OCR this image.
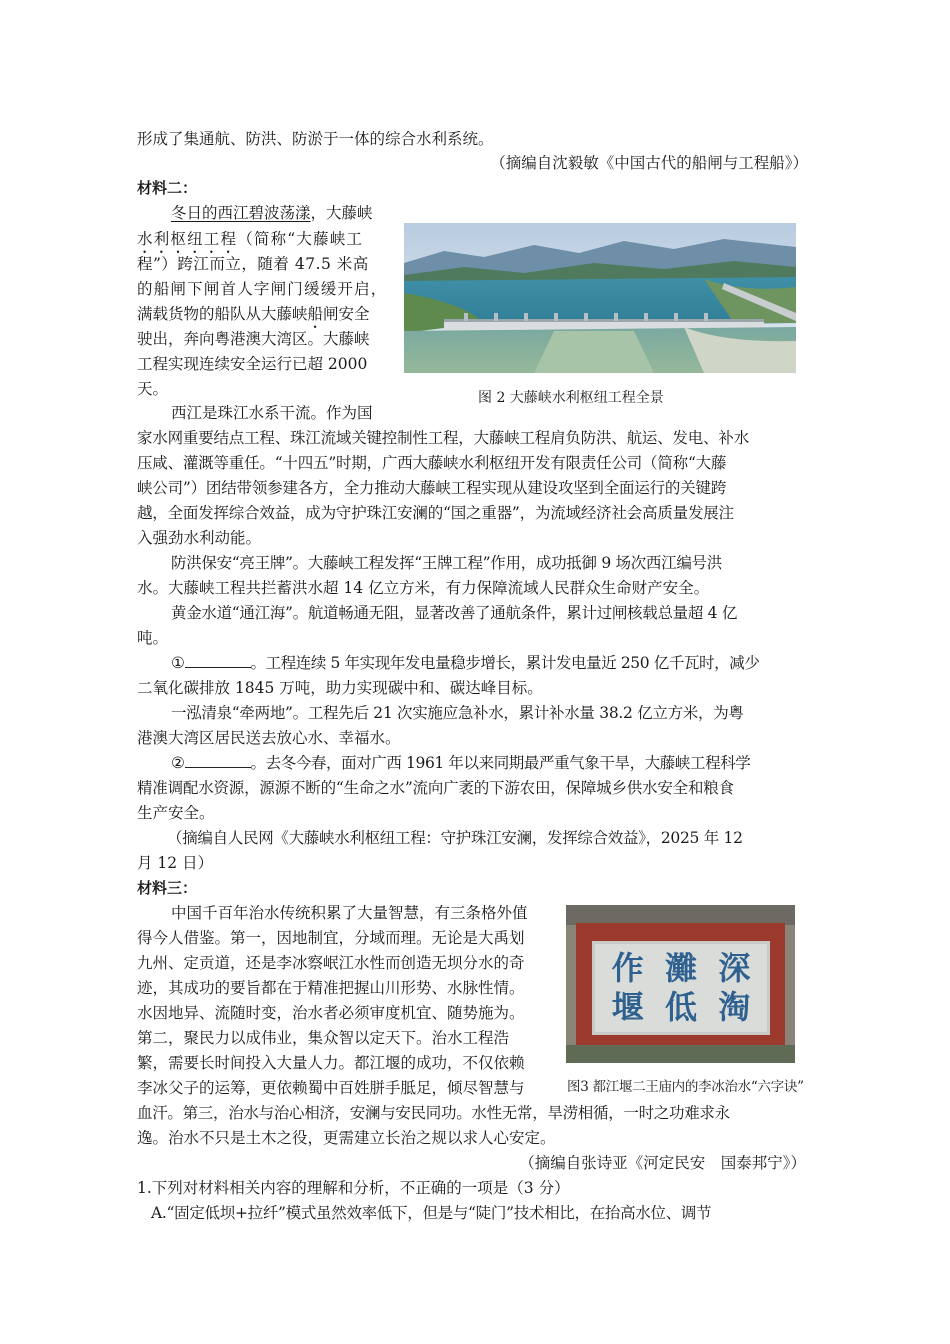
形成了集通航、防洪、防淤于一体的综合水利系统。
（摘编自沈毅敏《中国古代的船闸与工程船》）
材料二：
冬日的西江碧波荡漾，大藤峡
水利枢纽工程（简称“大藤峡工
程”）跨江而立，随着 47.5 米高
的船闸下闸首人字闸门缓缓开启，
满载货物的船队从大藤峡船闸安全
驶出，奔向粤港澳大湾区。大藤峡
工程实现连续安全运行已超 2000
天。	图 2 大藤峡水利枢纽工程全景
西江是珠江水系干流。作为国
家水网重要结点工程、珠江流域关键控制性工程，大藤峡工程肩负防洪、航运、发电、补水
压咸、灌溉等重任。“十四五”时期，广西大藤峡水利枢纽开发有限责任公司（简称“大藤
峡公司”）团结带领参建各方，全力推动大藤峡工程实现从建设攻坚到全面运行的关键跨
越，全面发挥综合效益，成为守护珠江安澜的“国之重器”，为流域经济社会高质量发展注
入强劲水利动能。
防洪保安“亮王牌”。大藤峡工程发挥“王牌工程”作用，成功抵御 9 场次西江编号洪
水。大藤峡工程共拦蓄洪水超 14 亿立方米，有力保障流域人民群众生命财产安全。
黄金水道“通江海”。航道畅通无阻，显著改善了通航条件，累计过闸核载总量超 4 亿
吨。
①	。工程连续 5 年实现年发电量稳步增长，累计发电量近 250 亿千瓦时，减少
二氧化碳排放 1845 万吨，助力实现碳中和、碳达峰目标。
一泓清泉“牵两地”。工程先后 21 次实施应急补水，累计补水量 38.2 亿立方米，为粤
港澳大湾区居民送去放心水、幸福水。
②	。去冬今春，面对广西 1961 年以来同期最严重气象干旱，大藤峡工程科学
精准调配水资源，源源不断的“生命之水”流向广袤的下游农田，保障城乡供水安全和粮食
生产安全。
（摘编自人民网《大藤峡水利枢纽工程：守护珠江安澜，发挥综合效益》，2025 年 12
月 12 日）
材料三：
中国千百年治水传统积累了大量智慧，有三条格外值
得今人借鉴。第一，因地制宜，分域而理。无论是大禹划
九州、定贡道，还是李冰察岷江水性而创造无坝分水的奇
迹，其成功的要旨都在于精准把握山川形势、水脉性情。
水因地异、流随时变，治水者必须审度机宜、随势施为。
第二，聚民力以成伟业，集众智以定天下。治水工程浩
繁，需要长时间投入大量人力。都江堰的成功，不仅依赖
李冰父子的运筹，更依赖蜀中百姓胼手胝足，倾尽智慧与
血汗。第三，治水与治心相济，安澜与安民同功。水性无常，旱涝相循，一时之功难求永
逸。治水不只是土木之役，更需建立长治之规以求人心安定。
作 灘 深
堰 低 淘
图3 都江堰二王庙内的李冰治水“六字诀”
（摘编自张诗亚《河定民安　国泰邦宁》）
1.下列对材料相关内容的理解和分析，不正确的一项是（3 分）
A.“固定低坝+拉纤”模式虽然效率低下，但是与“陡门”技术相比，在抬高水位、调节
